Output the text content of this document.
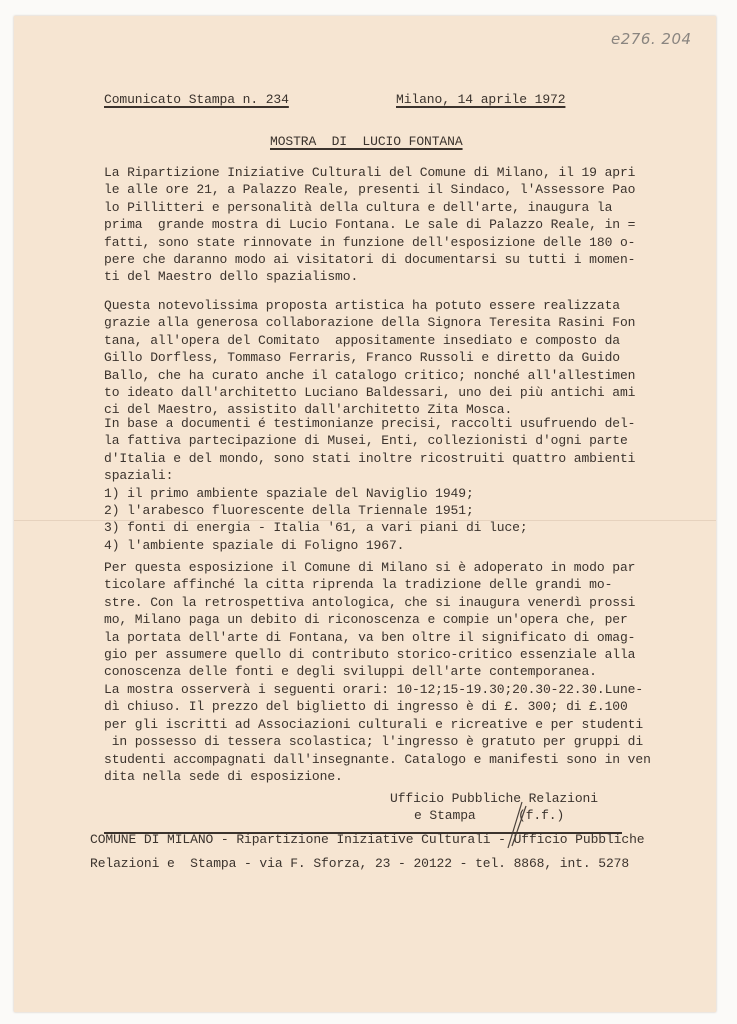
e276. 204
Comunicato Stampa n. 234	Milano, 14 aprile 1972
MOSTRA  DI  LUCIO FONTANA
La Ripartizione Iniziative Culturali del Comune di Milano, il 19 apri
le alle ore 21, a Palazzo Reale, presenti il Sindaco, l'Assessore Pao
lo Pillitteri e personalità della cultura e dell'arte, inaugura la
prima  grande mostra di Lucio Fontana. Le sale di Palazzo Reale, in =
fatti, sono state rinnovate in funzione dell'esposizione delle 180 o-
pere che daranno modo ai visitatori di documentarsi su tutti i momen-
ti del Maestro dello spazialismo.
Questa notevolissima proposta artistica ha potuto essere realizzata
grazie alla generosa collaborazione della Signora Teresita Rasini Fon
tana, all'opera del Comitato  appositamente insediato e composto da
Gillo Dorfless, Tommaso Ferraris, Franco Russoli e diretto da Guido
Ballo, che ha curato anche il catalogo critico; nonché all'allestimen
to ideato dall'architetto Luciano Baldessari, uno dei più antichi ami
ci del Maestro, assistito dall'architetto Zita Mosca.
In base a documenti é testimonianze precisi, raccolti usufruendo del-
la fattiva partecipazione di Musei, Enti, collezionisti d'ogni parte
d'Italia e del mondo, sono stati inoltre ricostruiti quattro ambienti
spaziali:
1) il primo ambiente spaziale del Naviglio 1949;
2) l'arabesco fluorescente della Triennale 1951;
3) fonti di energia - Italia '61, a vari piani di luce;
4) l'ambiente spaziale di Foligno 1967.
Per questa esposizione il Comune di Milano si è adoperato in modo par
ticolare affinché la citta riprenda la tradizione delle grandi mo-
stre. Con la retrospettiva antologica, che si inaugura venerdì prossi
mo, Milano paga un debito di riconoscenza e compie un'opera che, per
la portata dell'arte di Fontana, va ben oltre il significato di omag-
gio per assumere quello di contributo storico-critico essenziale alla
conoscenza delle fonti e degli sviluppi dell'arte contemporanea.
La mostra osserverà i seguenti orari: 10-12;15-19.30;20.30-22.30.Lune-
dì chiuso. Il prezzo del biglietto di ingresso è di £. 300; di £.100
per gli iscritti ad Associazioni culturali e ricreative e per studenti
in possesso di tessera scolastica; l'ingresso è gratuto per gruppi di
studenti accompagnati dall'insegnante. Catalogo e manifesti sono in ven
dita nella sede di esposizione.
Ufficio Pubbliche Relazioni
e Stampa	(f.f.)
COMUNE DI MILANO - Ripartizione Iniziative Culturali - Ufficio Pubbliche
Relazioni e  Stampa - via F. Sforza, 23 - 20122 - tel. 8868, int. 5278
